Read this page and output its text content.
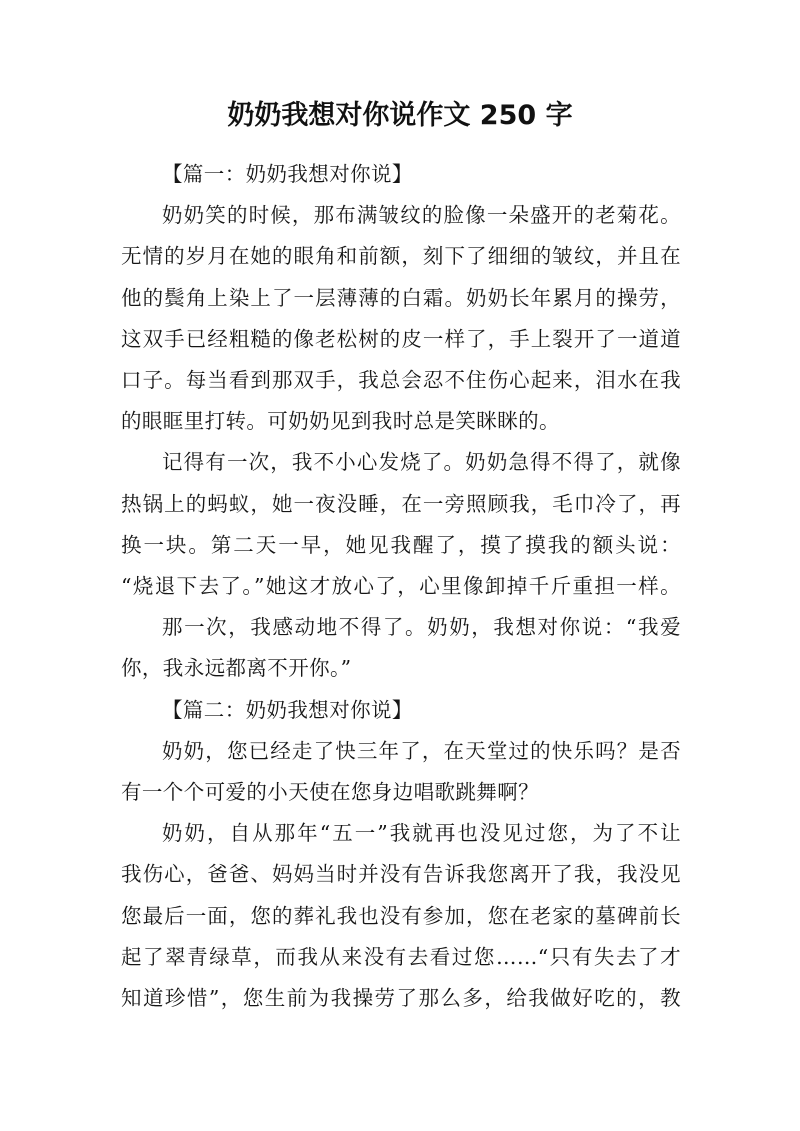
奶奶我想对你说作文 250 字
【篇一：奶奶我想对你说】
奶奶笑的时候，那布满皱纹的脸像一朵盛开的老菊花。
无情的岁月在她的眼角和前额，刻下了细细的皱纹，并且在
他的鬓角上染上了一层薄薄的白霜。奶奶长年累月的操劳，
这双手已经粗糙的像老松树的皮一样了，手上裂开了一道道
口子。每当看到那双手，我总会忍不住伤心起来，泪水在我
的眼眶里打转。可奶奶见到我时总是笑眯眯的。
记得有一次，我不小心发烧了。奶奶急得不得了，就像
热锅上的蚂蚁，她一夜没睡，在一旁照顾我，毛巾冷了，再
换一块。第二天一早，她见我醒了，摸了摸我的额头说：
“烧退下去了。”她这才放心了，心里像卸掉千斤重担一样。
那一次，我感动地不得了。奶奶，我想对你说：“我爱
你，我永远都离不开你。”
【篇二：奶奶我想对你说】
奶奶，您已经走了快三年了，在天堂过的快乐吗？是否
有一个个可爱的小天使在您身边唱歌跳舞啊？
奶奶，自从那年“五一”我就再也没见过您，为了不让
我伤心，爸爸、妈妈当时并没有告诉我您离开了我，我没见
您最后一面，您的葬礼我也没有参加，您在老家的墓碑前长
起了翠青绿草，而我从来没有去看过您……“只有失去了才
知道珍惜”，您生前为我操劳了那么多，给我做好吃的，教
